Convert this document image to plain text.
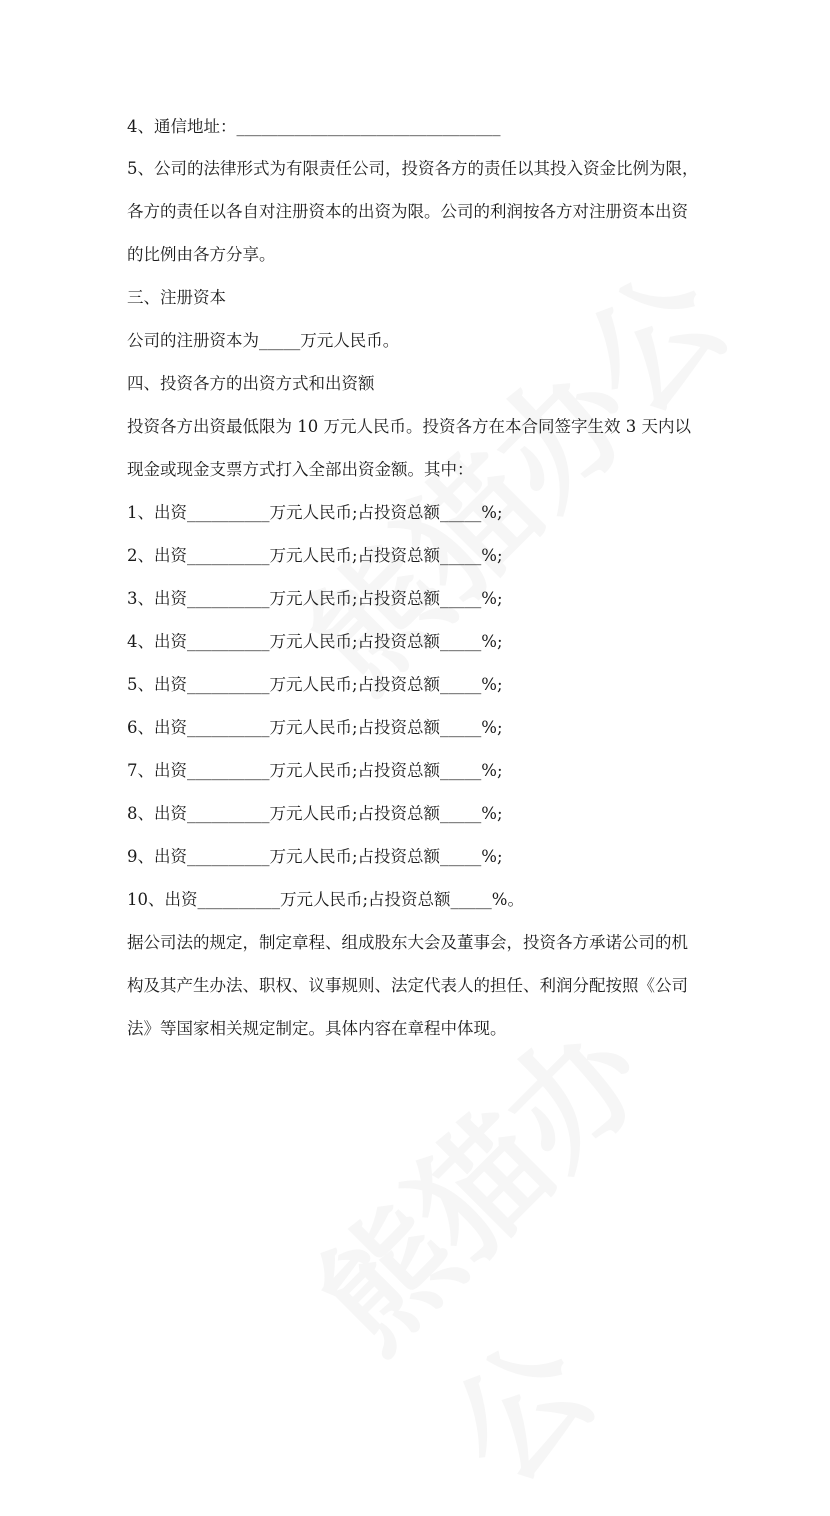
4、通信地址：________________________________

5、公司的法律形式为有限责任公司，投资各方的责任以其投入资金比例为限，

各方的责任以各自对注册资本的出资为限。公司的利润按各方对注册资本出资

的比例由各方分享。

三、注册资本

公司的注册资本为_____万元人民币。

四、投资各方的出资方式和出资额

投资各方出资最低限为 10 万元人民币。投资各方在本合同签字生效 3 天内以

现金或现金支票方式打入全部出资金额。其中：

1、出资__________万元人民币;占投资总额_____%;

2、出资__________万元人民币;占投资总额_____%;

3、出资__________万元人民币;占投资总额_____%;

4、出资__________万元人民币;占投资总额_____%;

5、出资__________万元人民币;占投资总额_____%;

6、出资__________万元人民币;占投资总额_____%;

7、出资__________万元人民币;占投资总额_____%;

8、出资__________万元人民币;占投资总额_____%;

9、出资__________万元人民币;占投资总额_____%;

10、出资__________万元人民币;占投资总额_____%。

据公司法的规定，制定章程、组成股东大会及董事会，投资各方承诺公司的机

构及其产生办法、职权、议事规则、法定代表人的担任、利润分配按照《公司

法》等国家相关规定制定。具体内容在章程中体现。
